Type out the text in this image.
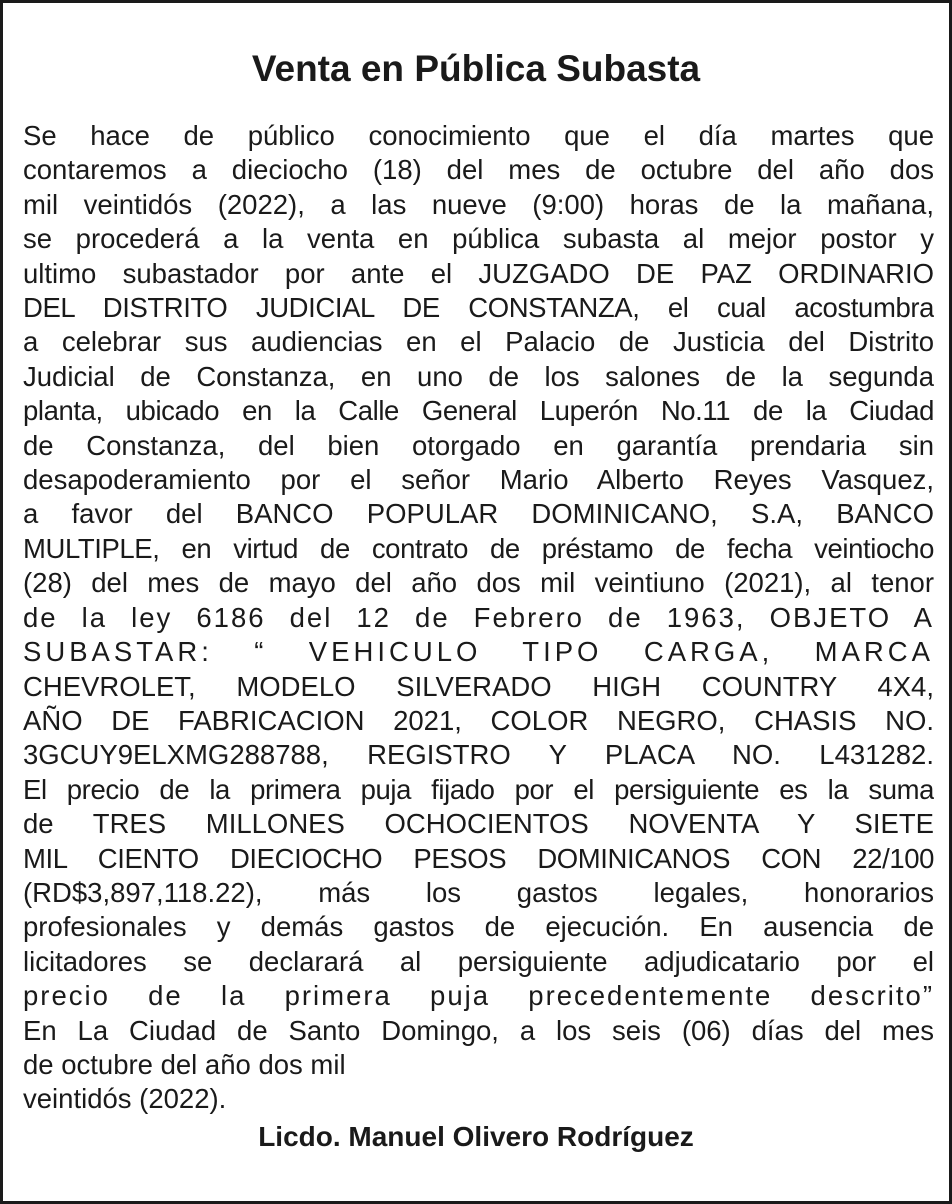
Venta en Pública Subasta
Se hace de público conocimiento que el día martes que
contaremos a dieciocho (18) del mes de octubre del año dos
mil veintidós (2022), a las nueve (9:00) horas de la mañana,
se procederá a la venta en pública subasta al mejor postor y
ultimo subastador por ante el JUZGADO DE PAZ ORDINARIO
DEL DISTRITO JUDICIAL DE CONSTANZA, el cual acostumbra
a celebrar sus audiencias en el Palacio de Justicia del Distrito
Judicial de Constanza, en uno de los salones de la segunda
planta, ubicado en la Calle General Luperón No.11 de la Ciudad
de Constanza, del bien otorgado en garantía prendaria sin
desapoderamiento por el señor Mario Alberto Reyes Vasquez,
a favor del BANCO POPULAR DOMINICANO, S.A, BANCO
MULTIPLE, en virtud de contrato de préstamo de fecha veintiocho
(28) del mes de mayo del año dos mil veintiuno (2021), al tenor
de la ley 6186 del 12 de Febrero de 1963, OBJETO A
SUBASTAR: “ VEHICULO TIPO CARGA, MARCA
CHEVROLET, MODELO SILVERADO HIGH COUNTRY 4X4,
AÑO DE FABRICACION 2021, COLOR NEGRO, CHASIS NO.
3GCUY9ELXMG288788, REGISTRO Y PLACA NO. L431282.
El precio de la primera puja fijado por el persiguiente es la suma
de TRES MILLONES OCHOCIENTOS NOVENTA Y SIETE
MIL CIENTO DIECIOCHO PESOS DOMINICANOS CON 22/100
(RD$3,897,118.22), más los gastos legales, honorarios
profesionales y demás gastos de ejecución. En ausencia de
licitadores se declarará al persiguiente adjudicatario por el
precio de la primera puja precedentemente descrito”
En La Ciudad de Santo Domingo, a los seis (06) días del mes
de octubre del año dos mil
veintidós (2022).

Licdo. Manuel Olivero Rodríguez
